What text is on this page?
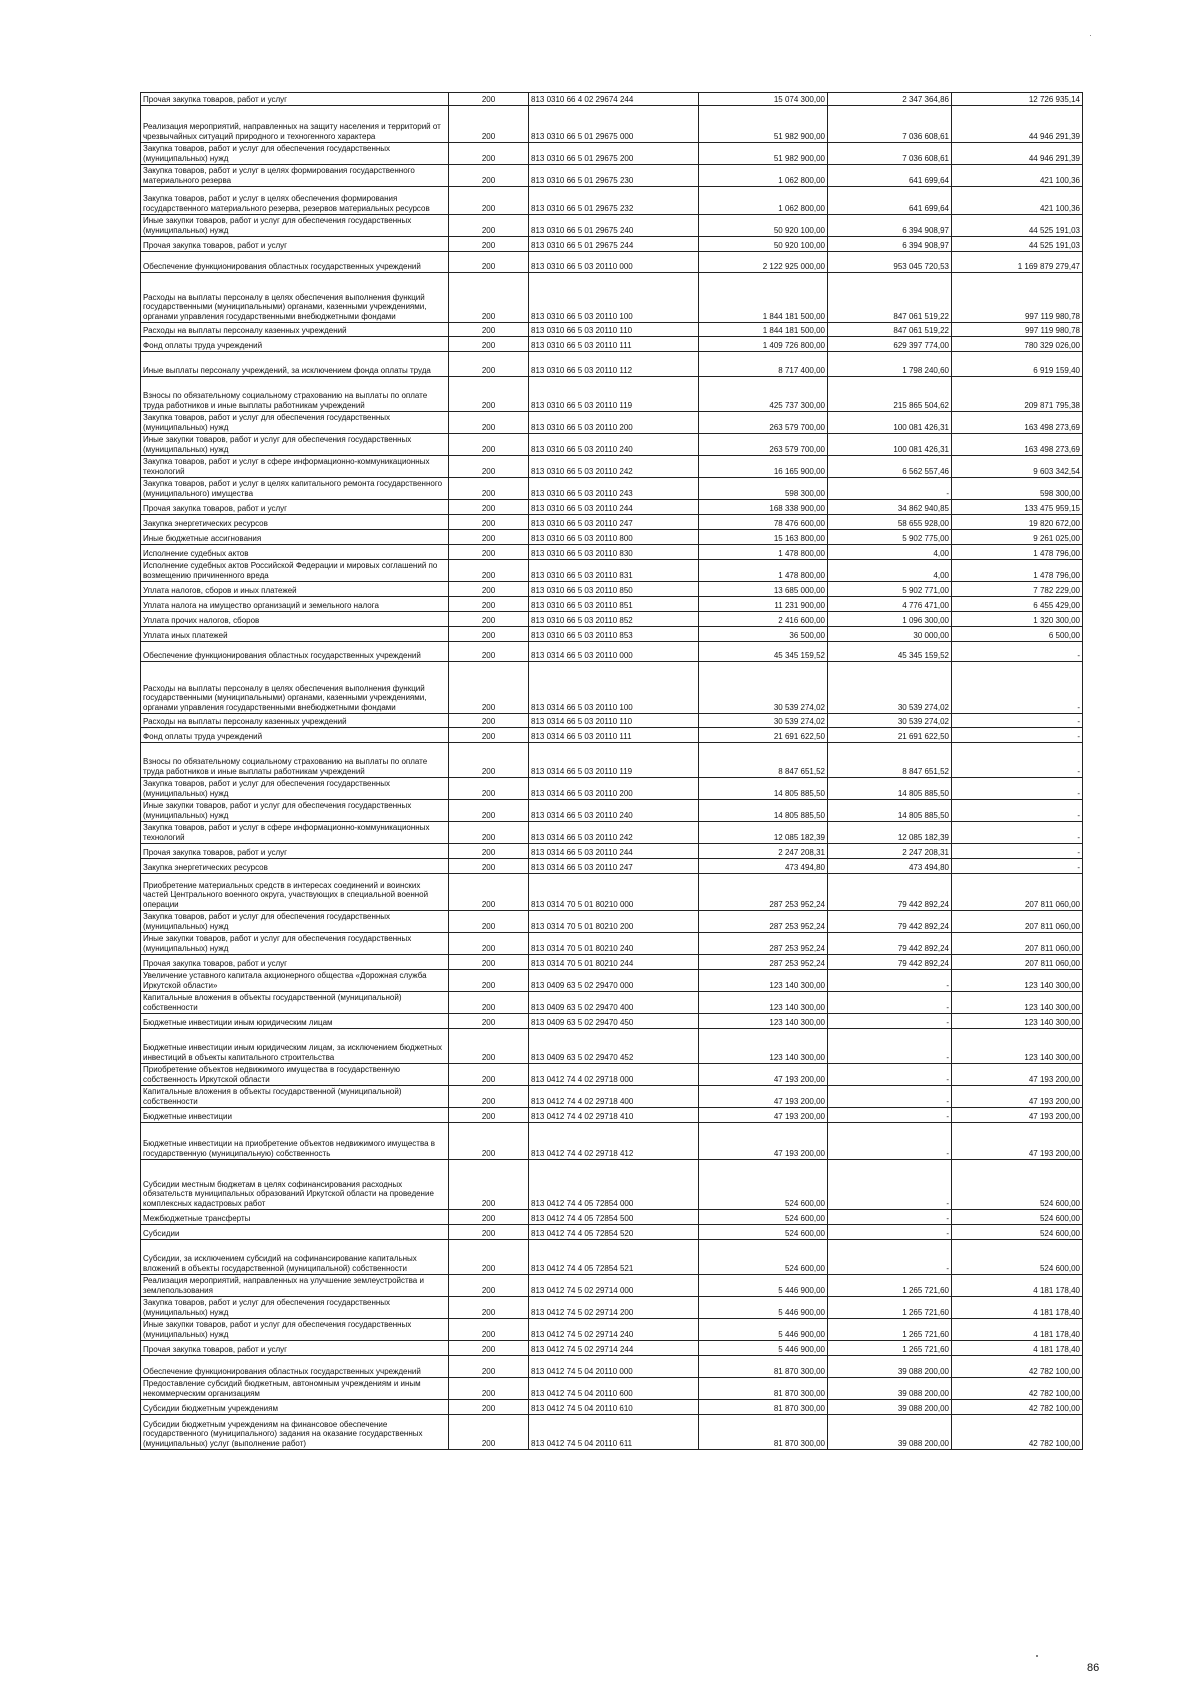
Прочая закупка товаров, работ и услуг	200	813 0310 66 4 02 29674 244	15 074 300,00	2 347 364,86	12 726 935,14
Реализация мероприятий, направленных на защиту населения и территорий от чрезвычайных ситуаций природного и техногенного характера	200	813 0310 66 5 01 29675 000	51 982 900,00	7 036 608,61	44 946 291,39
Закупка товаров, работ и услуг для обеспечения государственных (муниципальных) нужд	200	813 0310 66 5 01 29675 200	51 982 900,00	7 036 608,61	44 946 291,39
Закупка товаров, работ и услуг в целях формирования государственного материального резерва	200	813 0310 66 5 01 29675 230	1 062 800,00	641 699,64	421 100,36
Закупка товаров, работ и услуг в целях обеспечения формирования государственного материального резерва, резервов материальных ресурсов	200	813 0310 66 5 01 29675 232	1 062 800,00	641 699,64	421 100,36
Иные закупки товаров, работ и услуг для обеспечения государственных (муниципальных) нужд	200	813 0310 66 5 01 29675 240	50 920 100,00	6 394 908,97	44 525 191,03
Прочая закупка товаров, работ и услуг	200	813 0310 66 5 01 29675 244	50 920 100,00	6 394 908,97	44 525 191,03
Обеспечение функционирования областных государственных учреждений	200	813 0310 66 5 03 20110 000	2 122 925 000,00	953 045 720,53	1 169 879 279,47
Расходы на выплаты персоналу в целях обеспечения выполнения функций государственными (муниципальными) органами, казенными учреждениями, органами управления государственными внебюджетными фондами	200	813 0310 66 5 03 20110 100	1 844 181 500,00	847 061 519,22	997 119 980,78
Расходы на выплаты персоналу казенных учреждений	200	813 0310 66 5 03 20110 110	1 844 181 500,00	847 061 519,22	997 119 980,78
Фонд оплаты труда учреждений	200	813 0310 66 5 03 20110 111	1 409 726 800,00	629 397 774,00	780 329 026,00
Иные выплаты персоналу учреждений, за исключением фонда оплаты труда	200	813 0310 66 5 03 20110 112	8 717 400,00	1 798 240,60	6 919 159,40
Взносы по обязательному социальному страхованию на выплаты по оплате труда работников и иные выплаты работникам учреждений	200	813 0310 66 5 03 20110 119	425 737 300,00	215 865 504,62	209 871 795,38
Закупка товаров, работ и услуг для обеспечения государственных (муниципальных) нужд	200	813 0310 66 5 03 20110 200	263 579 700,00	100 081 426,31	163 498 273,69
Иные закупки товаров, работ и услуг для обеспечения государственных (муниципальных) нужд	200	813 0310 66 5 03 20110 240	263 579 700,00	100 081 426,31	163 498 273,69
Закупка товаров, работ и услуг в сфере информационно-коммуникационных технологий	200	813 0310 66 5 03 20110 242	16 165 900,00	6 562 557,46	9 603 342,54
Закупка товаров, работ и услуг в целях капитального ремонта государственного (муниципального) имущества	200	813 0310 66 5 03 20110 243	598 300,00	-	598 300,00
Прочая закупка товаров, работ и услуг	200	813 0310 66 5 03 20110 244	168 338 900,00	34 862 940,85	133 475 959,15
Закупка энергетических ресурсов	200	813 0310 66 5 03 20110 247	78 476 600,00	58 655 928,00	19 820 672,00
Иные бюджетные ассигнования	200	813 0310 66 5 03 20110 800	15 163 800,00	5 902 775,00	9 261 025,00
Исполнение судебных актов	200	813 0310 66 5 03 20110 830	1 478 800,00	4,00	1 478 796,00
Исполнение судебных актов Российской Федерации и мировых соглашений по возмещению причиненного вреда	200	813 0310 66 5 03 20110 831	1 478 800,00	4,00	1 478 796,00
Уплата налогов, сборов и иных платежей	200	813 0310 66 5 03 20110 850	13 685 000,00	5 902 771,00	7 782 229,00
Уплата налога на имущество организаций и земельного налога	200	813 0310 66 5 03 20110 851	11 231 900,00	4 776 471,00	6 455 429,00
Уплата прочих налогов, сборов	200	813 0310 66 5 03 20110 852	2 416 600,00	1 096 300,00	1 320 300,00
Уплата иных платежей	200	813 0310 66 5 03 20110 853	36 500,00	30 000,00	6 500,00
Обеспечение функционирования областных государственных учреждений	200	813 0314 66 5 03 20110 000	45 345 159,52	45 345 159,52	-
Расходы на выплаты персоналу в целях обеспечения выполнения функций государственными (муниципальными) органами, казенными учреждениями, органами управления государственными внебюджетными фондами	200	813 0314 66 5 03 20110 100	30 539 274,02	30 539 274,02	-
Расходы на выплаты персоналу казенных учреждений	200	813 0314 66 5 03 20110 110	30 539 274,02	30 539 274,02	-
Фонд оплаты труда учреждений	200	813 0314 66 5 03 20110 111	21 691 622,50	21 691 622,50	-
Взносы по обязательному социальному страхованию на выплаты по оплате труда работников и иные выплаты работникам учреждений	200	813 0314 66 5 03 20110 119	8 847 651,52	8 847 651,52	-
Закупка товаров, работ и услуг для обеспечения государственных (муниципальных) нужд	200	813 0314 66 5 03 20110 200	14 805 885,50	14 805 885,50	-
Иные закупки товаров, работ и услуг для обеспечения государственных (муниципальных) нужд	200	813 0314 66 5 03 20110 240	14 805 885,50	14 805 885,50	-
Закупка товаров, работ и услуг в сфере информационно-коммуникационных технологий	200	813 0314 66 5 03 20110 242	12 085 182,39	12 085 182,39	-
Прочая закупка товаров, работ и услуг	200	813 0314 66 5 03 20110 244	2 247 208,31	2 247 208,31	-
Закупка энергетических ресурсов	200	813 0314 66 5 03 20110 247	473 494,80	473 494,80	-
Приобретение материальных средств в интересах соединений и воинских частей Центрального военного округа, участвующих в специальной военной операции	200	813 0314 70 5 01 80210 000	287 253 952,24	79 442 892,24	207 811 060,00
Закупка товаров, работ и услуг для обеспечения государственных (муниципальных) нужд	200	813 0314 70 5 01 80210 200	287 253 952,24	79 442 892,24	207 811 060,00
Иные закупки товаров, работ и услуг для обеспечения государственных (муниципальных) нужд	200	813 0314 70 5 01 80210 240	287 253 952,24	79 442 892,24	207 811 060,00
Прочая закупка товаров, работ и услуг	200	813 0314 70 5 01 80210 244	287 253 952,24	79 442 892,24	207 811 060,00
Увеличение уставного капитала акционерного общества «Дорожная служба Иркутской области»	200	813 0409 63 5 02 29470 000	123 140 300,00	-	123 140 300,00
Капитальные вложения в объекты государственной (муниципальной) собственности	200	813 0409 63 5 02 29470 400	123 140 300,00	-	123 140 300,00
Бюджетные инвестиции иным юридическим лицам	200	813 0409 63 5 02 29470 450	123 140 300,00	-	123 140 300,00
Бюджетные инвестиции иным юридическим лицам, за исключением бюджетных инвестиций в объекты капитального строительства	200	813 0409 63 5 02 29470 452	123 140 300,00	-	123 140 300,00
Приобретение объектов недвижимого имущества в государственную собственность Иркутской области	200	813 0412 74 4 02 29718 000	47 193 200,00	-	47 193 200,00
Капитальные вложения в объекты государственной (муниципальной) собственности	200	813 0412 74 4 02 29718 400	47 193 200,00	-	47 193 200,00
Бюджетные инвестиции	200	813 0412 74 4 02 29718 410	47 193 200,00	-	47 193 200,00
Бюджетные инвестиции на приобретение объектов недвижимого имущества в государственную (муниципальную) собственность	200	813 0412 74 4 02 29718 412	47 193 200,00	-	47 193 200,00
Субсидии местным бюджетам в целях софинансирования расходных обязательств муниципальных образований Иркутской области на проведение комплексных кадастровых работ	200	813 0412 74 4 05 72854 000	524 600,00	-	524 600,00
Межбюджетные трансферты	200	813 0412 74 4 05 72854 500	524 600,00	-	524 600,00
Субсидии	200	813 0412 74 4 05 72854 520	524 600,00	-	524 600,00
Субсидии, за исключением субсидий на софинансирование капитальных вложений в объекты государственной (муниципальной) собственности	200	813 0412 74 4 05 72854 521	524 600,00	-	524 600,00
Реализация мероприятий, направленных на улучшение землеустройства и землепользования	200	813 0412 74 5 02 29714 000	5 446 900,00	1 265 721,60	4 181 178,40
Закупка товаров, работ и услуг для обеспечения государственных (муниципальных) нужд	200	813 0412 74 5 02 29714 200	5 446 900,00	1 265 721,60	4 181 178,40
Иные закупки товаров, работ и услуг для обеспечения государственных (муниципальных) нужд	200	813 0412 74 5 02 29714 240	5 446 900,00	1 265 721,60	4 181 178,40
Прочая закупка товаров, работ и услуг	200	813 0412 74 5 02 29714 244	5 446 900,00	1 265 721,60	4 181 178,40
Обеспечение функционирования областных государственных учреждений	200	813 0412 74 5 04 20110 000	81 870 300,00	39 088 200,00	42 782 100,00
Предоставление субсидий бюджетным, автономным учреждениям и иным некоммерческим организациям	200	813 0412 74 5 04 20110 600	81 870 300,00	39 088 200,00	42 782 100,00
Субсидии бюджетным учреждениям	200	813 0412 74 5 04 20110 610	81 870 300,00	39 088 200,00	42 782 100,00
Субсидии бюджетным учреждениям на финансовое обеспечение государственного (муниципального) задания на оказание государственных (муниципальных) услуг (выполнение работ)	200	813 0412 74 5 04 20110 611	81 870 300,00	39 088 200,00	42 782 100,00
86
